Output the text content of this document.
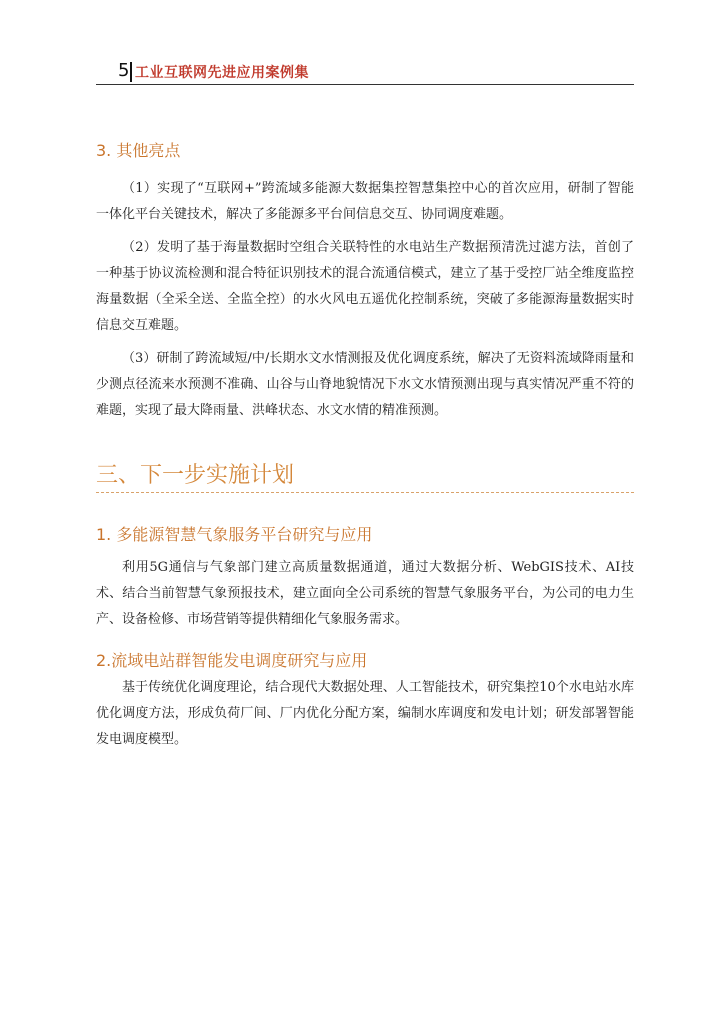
5 工业互联网先进应用案例集
3. 其他亮点
（1）实现了“互联网+”跨流域多能源大数据集控智慧集控中心的首次应用，研制了智能一体化平台关键技术，解决了多能源多平台间信息交互、协同调度难题。
（2）发明了基于海量数据时空组合关联特性的水电站生产数据预清洗过滤方法，首创了一种基于协议流检测和混合特征识别技术的混合流通信模式，建立了基于受控厂站全维度监控海量数据（全采全送、全监全控）的水火风电五遥优化控制系统，突破了多能源海量数据实时信息交互难题。
（3）研制了跨流域短/中/长期水文水情测报及优化调度系统，解决了无资料流域降雨量和少测点径流来水预测不准确、山谷与山脊地貌情况下水文水情预测出现与真实情况严重不符的难题，实现了最大降雨量、洪峰状态、水文水情的精准预测。
三、下一步实施计划
1. 多能源智慧气象服务平台研究与应用
利用5G通信与气象部门建立高质量数据通道，通过大数据分析、WebGIS技术、AI技术、结合当前智慧气象预报技术，建立面向全公司系统的智慧气象服务平台，为公司的电力生产、设备检修、市场营销等提供精细化气象服务需求。
2.流域电站群智能发电调度研究与应用
基于传统优化调度理论，结合现代大数据处理、人工智能技术，研究集控10个水电站水库优化调度方法，形成负荷厂间、厂内优化分配方案，编制水库调度和发电计划；研发部署智能发电调度模型。
